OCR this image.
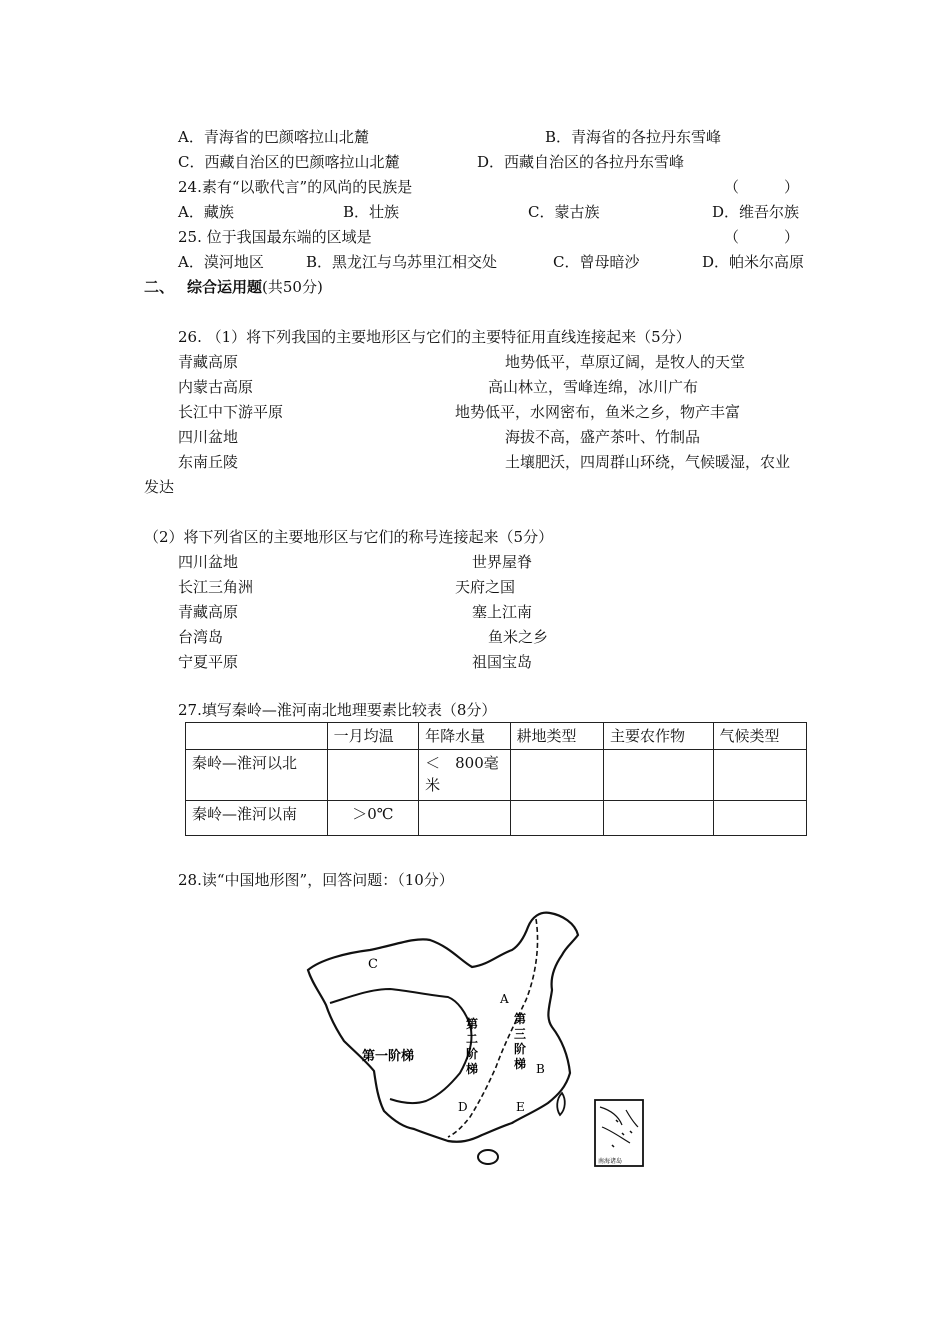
A．青海省的巴颜喀拉山北麓	B．青海省的各拉丹东雪峰
C．西藏自治区的巴颜喀拉山北麓	D．西藏自治区的各拉丹东雪峰
24.素有“以歌代言”的风尚的民族是	（　　　）
A．藏族	B．壮族	C．蒙古族	D．维吾尔族
25. 位于我国最东端的区域是	（　　　）
A．漠河地区	B．黑龙江与乌苏里江相交处	C．曾母暗沙	D．帕米尔高原
二、 综合运用题(共50分)
26. （1）将下列我国的主要地形区与它们的主要特征用直线连接起来（5分）
青藏高原
内蒙古高原
长江中下游平原
四川盆地
东南丘陵
地势低平，草原辽阔，是牧人的天堂
高山林立，雪峰连绵，冰川广布
地势低平，水网密布，鱼米之乡，物产丰富
海拔不高，盛产茶叶、竹制品
土壤肥沃，四周群山环绕，气候暖湿，农业
发达
（2）将下列省区的主要地形区与它们的称号连接起来（5分）
四川盆地
长江三角洲
青藏高原
台湾岛
宁夏平原
世界屋脊
天府之国
塞上江南
鱼米之乡
祖国宝岛
27.填写秦岭—淮河南北地理要素比较表（8分）
	一月均温	年降水量	耕地类型	主要农作物	气候类型
秦岭—淮河以北		＜　800毫米			
秦岭—淮河以南	＞0℃				
28.读“中国地形图”，回答问题：（10分）
C
A
B
D	E
第一阶梯
第
二
阶
梯
第
三
阶
梯
南海诸岛
